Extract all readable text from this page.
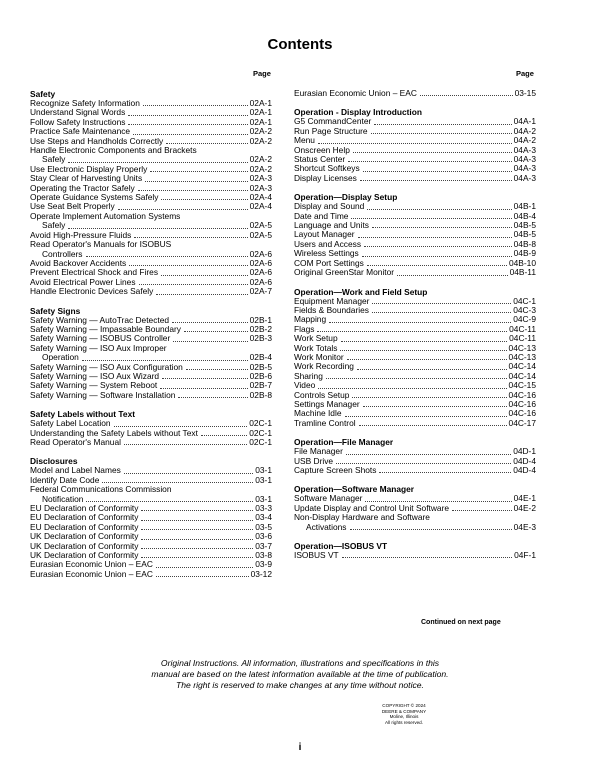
Contents
Page	Page
Safety
Recognize Safety Information	02A-1
Understand Signal Words	02A-1
Follow Safety Instructions	02A-1
Practice Safe Maintenance	02A-2
Use Steps and Handholds Correctly	02A-2
Handle Electronic Components and Brackets
Safely	02A-2
Use Electronic Display Properly	02A-2
Stay Clear of Harvesting Units	02A-3
Operating the Tractor Safely	02A-3
Operate Guidance Systems Safely	02A-4
Use Seat Belt Properly	02A-4
Operate Implement Automation Systems
Safely	02A-5
Avoid High-Pressure Fluids	02A-5
Read Operator's Manuals for ISOBUS
Controllers	02A-6
Avoid Backover Accidents	02A-6
Prevent Electrical Shock and Fires	02A-6
Avoid Electrical Power Lines	02A-6
Handle Electronic Devices Safely	02A-7
Safety Signs
Safety Warning — AutoTrac Detected	02B-1
Safety Warning — Impassable Boundary	02B-2
Safety Warning — ISOBUS Controller	02B-3
Safety Warning — ISO Aux Improper
Operation	02B-4
Safety Warning — ISO Aux Configuration	02B-5
Safety Warning — ISO Aux Wizard	02B-6
Safety Warning — System Reboot	02B-7
Safety Warning — Software Installation	02B-8
Safety Labels without Text
Safety Label Location	02C-1
Understanding the Safety Labels without Text	02C-1
Read Operator's Manual	02C-1
Disclosures
Model and Label Names	03-1
Identify Date Code	03-1
Federal Communications Commission
Notification	03-1
EU Declaration of Conformity	03-3
EU Declaration of Conformity	03-4
EU Declaration of Conformity	03-5
UK Declaration of Conformity	03-6
UK Declaration of Conformity	03-7
UK Declaration of Conformity	03-8
Eurasian Economic Union – EAC	03-9
Eurasian Economic Union – EAC	03-12
Eurasian Economic Union – EAC	03-15
Operation - Display Introduction
G5 CommandCenter	04A-1
Run Page Structure	04A-2
Menu	04A-2
Onscreen Help	04A-3
Status Center	04A-3
Shortcut Softkeys	04A-3
Display Licenses	04A-3
Operation—Display Setup
Display and Sound	04B-1
Date and Time	04B-4
Language and Units	04B-5
Layout Manager	04B-5
Users and Access	04B-8
Wireless Settings	04B-9
COM Port Settings	04B-10
Original GreenStar Monitor	04B-11
Operation—Work and Field Setup
Equipment Manager	04C-1
Fields & Boundaries	04C-3
Mapping	04C-9
Flags	04C-11
Work Setup	04C-11
Work Totals	04C-13
Work Monitor	04C-13
Work Recording	04C-14
Sharing	04C-14
Video	04C-15
Controls Setup	04C-16
Settings Manager	04C-16
Machine Idle	04C-16
Tramline Control	04C-17
Operation—File Manager
File Manager	04D-1
USB Drive	04D-4
Capture Screen Shots	04D-4
Operation—Software Manager
Software Manager	04E-1
Update Display and Control Unit Software	04E-2
Non-Display Hardware and Software
Activations	04E-3
Operation—ISOBUS VT
ISOBUS VT	04F-1
Continued on next page
Original Instructions. All information, illustrations and specifications in this
manual are based on the latest information available at the time of publication.
The right is reserved to make changes at any time without notice.
COPYRIGHT © 2024
DEERE & COMPANY
Moline, Illinois
All rights reserved.
i
